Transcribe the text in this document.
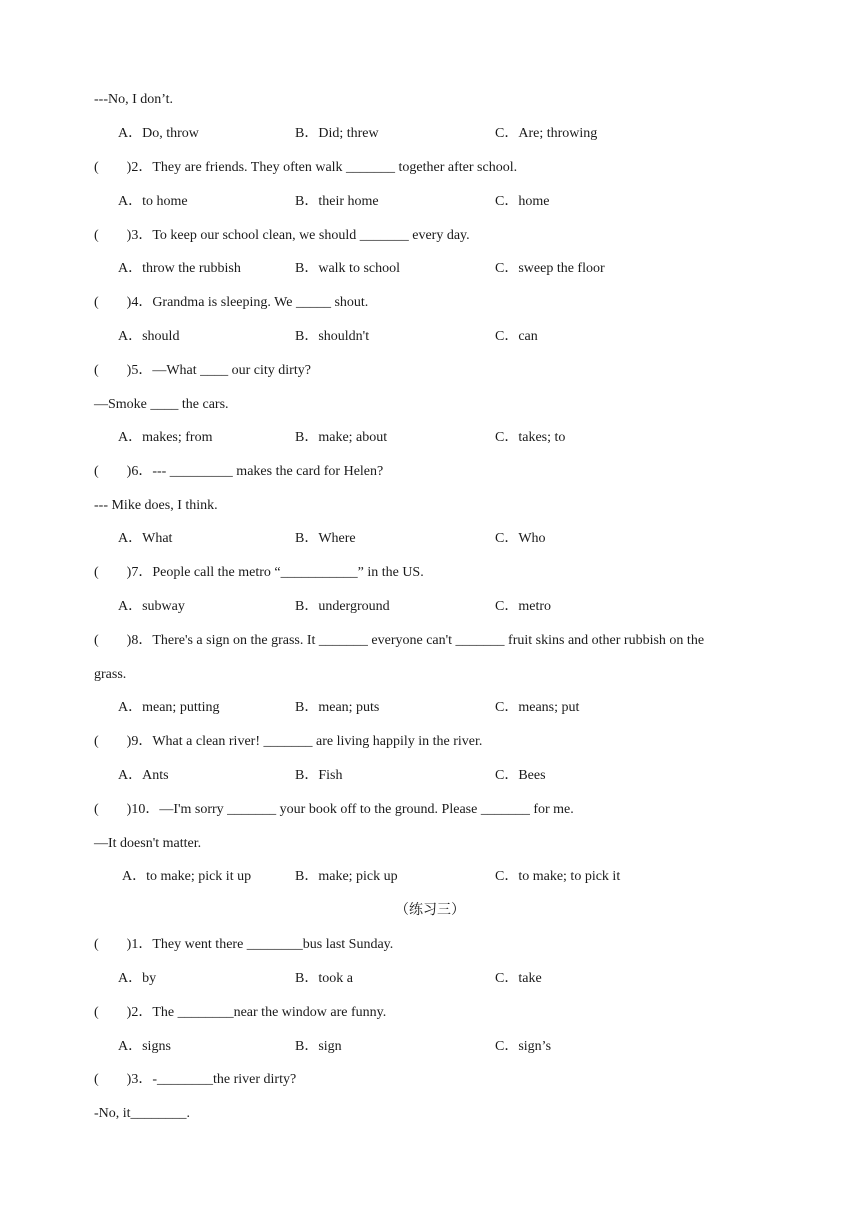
---No, I don’t.

A．Do, throw

	B．Did; threw

	C．Are; throwing

(        )2．They are friends. They often walk _______ together after school.

A．to home

	B．their home

	C．home

(        )3．To keep our school clean, we should _______ every day.

A．throw the rubbish

	B．walk to school

	C．sweep the floor

(        )4．Grandma is sleeping. We _____ shout.

A．should

	B．shouldn't

	C．can

(        )5．—What ____ our city dirty?
—Smoke ____ the cars.

A．makes; from

	B．make; about

	C．takes; to

(        )6．--- _________ makes the card for Helen?
--- Mike does, I think.

A．What

	B．Where

	C．Who

(        )7．People call the metro “___________” in the US.

A．subway

	B．underground

	C．metro

(        )8．There's a sign on the grass. It _______ everyone can't _______ fruit skins and other rubbish on the
grass.

A．mean; putting

	B．mean; puts

	C．means; put

(        )9．What a clean river! _______ are living happily in the river.

A．Ants

	B．Fish

	C．Bees

(        )10．—I'm sorry _______ your book off to the ground. Please _______ for me.
—It doesn't matter.

A．to make; pick it up

	B．make; pick up

	C．to make; to pick it

（练习三）
(        )1．They went there ________bus last Sunday.

A．by

	B．took a

	C．take

(        )2．The ________near the window are funny.

A．signs

	B．sign

	C．sign’s

(        )3．-________the river dirty?
-No, it________.
